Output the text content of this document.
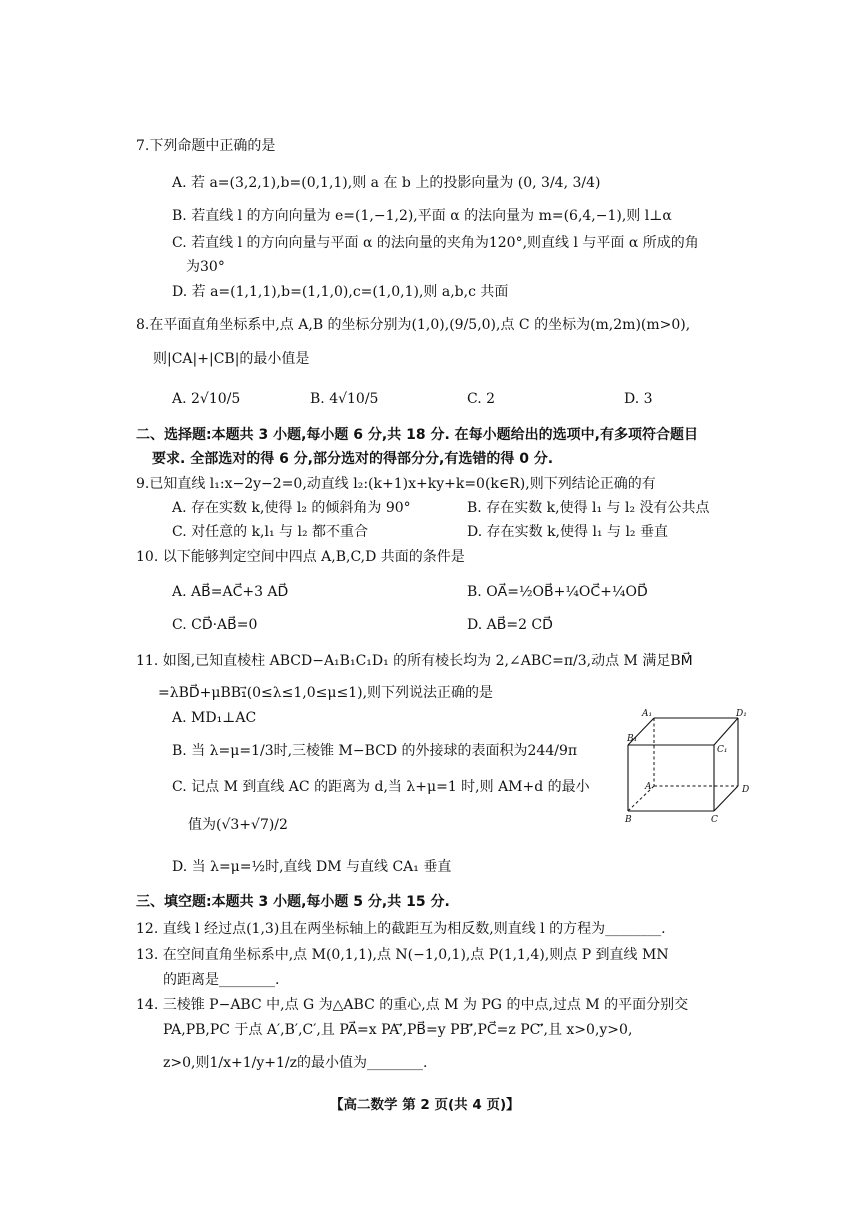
7.下列命题中正确的是
A. 若 a=(3,2,1),b=(0,1,1),则 a 在 b 上的投影向量为 (0, 3/4, 3/4)
B. 若直线 l 的方向向量为 e=(1,−1,2),平面 α 的法向量为 m=(6,4,−1),则 l⊥α
C. 若直线 l 的方向向量与平面 α 的法向量的夹角为120°,则直线 l 与平面 α 所成的角
为30°
D. 若 a=(1,1,1),b=(1,1,0),c=(1,0,1),则 a,b,c 共面
8.在平面直角坐标系中,点 A,B 的坐标分别为(1,0),(9/5,0),点 C 的坐标为(m,2m)(m>0),
则|CA|+|CB|的最小值是
A. 2√10/5	B. 4√10/5	C. 2	D. 3
二、选择题:本题共 3 小题,每小题 6 分,共 18 分. 在每小题给出的选项中,有多项符合题目
要求. 全部选对的得 6 分,部分选对的得部分分,有选错的得 0 分.
9.已知直线 l₁:x−2y−2=0,动直线 l₂:(k+1)x+ky+k=0(k∈R),则下列结论正确的有
A. 存在实数 k,使得 l₂ 的倾斜角为 90°	B. 存在实数 k,使得 l₁ 与 l₂ 没有公共点
C. 对任意的 k,l₁ 与 l₂ 都不重合	D. 存在实数 k,使得 l₁ 与 l₂ 垂直
10. 以下能够判定空间中四点 A,B,C,D 共面的条件是
A. AB⃗=AC⃗+3 AD⃗	B. OA⃗=½OB⃗+¼OC⃗+¼OD⃗
C. CD⃗·AB⃗=0	D. AB⃗=2 CD⃗
11. 如图,已知直棱柱 ABCD−A₁B₁C₁D₁ 的所有棱长均为 2,∠ABC=π/3,动点 M 满足BM⃗
=λBD⃗+μBB₁⃗(0≤λ≤1,0≤μ≤1),则下列说法正确的是
A. MD₁⊥AC
B. 当 λ=μ=1/3时,三棱锥 M−BCD 的外接球的表面积为244/9π
C. 记点 M 到直线 AC 的距离为 d,当 λ+μ=1 时,则 AM+d 的最小
值为(√3+√7)/2
D. 当 λ=μ=½时,直线 DM 与直线 CA₁ 垂直
A₁	D₁
B₁
C₁
A	D
B	C
三、填空题:本题共 3 小题,每小题 5 分,共 15 分.
12. 直线 l 经过点(1,3)且在两坐标轴上的截距互为相反数,则直线 l 的方程为________.
13. 在空间直角坐标系中,点 M(0,1,1),点 N(−1,0,1),点 P(1,1,4),则点 P 到直线 MN
的距离是________.
14. 三棱锥 P−ABC 中,点 G 为△ABC 的重心,点 M 为 PG 的中点,过点 M 的平面分别交
PA,PB,PC 于点 A′,B′,C′,且 PA⃗=x PA′⃗,PB⃗=y PB′⃗,PC⃗=z PC′⃗,且 x>0,y>0,
z>0,则1/x+1/y+1/z的最小值为________.
【高二数学 第 2 页(共 4 页)】
